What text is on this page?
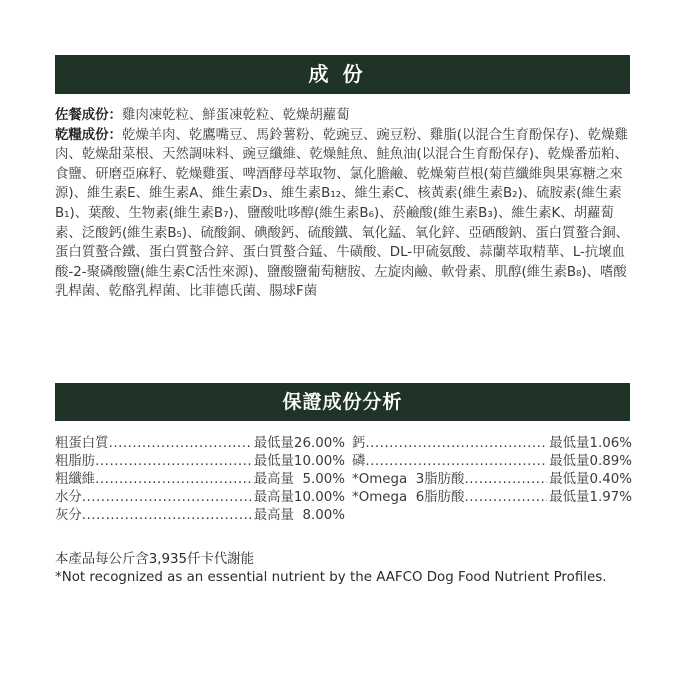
成份

佐餐成份：雞肉凍乾粒、鮮蛋凍乾粒、乾燥胡蘿蔔

乾糧成份：乾燥羊肉、乾鷹嘴豆、馬鈴薯粉、乾豌豆、豌豆粉、雞脂(以混合生育酚保存)、乾燥雞肉、乾燥甜菜根、天然調味料、豌豆纖維、乾燥鮭魚、鮭魚油(以混合生育酚保存)、乾燥番茄粕、食鹽、研磨亞麻籽、乾燥雞蛋、啤酒酵母萃取物、氯化膽鹼、乾燥菊苣根(菊苣纖維與果寡糖之來源)、維生素E、維生素A、維生素D₃、維生素B₁₂、維生素C、核黃素(維生素B₂)、硫胺素(維生素B₁)、葉酸、生物素(維生素B₇)、鹽酸吡哆醇(維生素B₆)、菸鹼酸(維生素B₃)、維生素K、胡蘿蔔素、泛酸鈣(維生素B₅)、硫酸銅、碘酸鈣、硫酸鐵、氧化錳、氧化鋅、亞硒酸鈉、蛋白質螯合銅、蛋白質螯合鐵、蛋白質螯合鋅、蛋白質螯合錳、牛磺酸、DL-甲硫氨酸、蒜蘭萃取精華、L-抗壞血酸-2-聚磷酸鹽(維生素C活性來源)、鹽酸鹽葡萄糖胺、左旋肉鹼、軟骨素、肌醇(維生素B₈)、嗜酸乳桿菌、乾酪乳桿菌、比菲德氏菌、腸球F菌

保證成份分析
粗蛋白質 .....	最低量26.00%
粗脂肪 .....	最低量10.00%
粗纖維 .....	最高量  5.00%
水分 .....	最高量10.00%
灰分 .....	最高量  8.00%
鈣 .....	最低量1.06%
磷 .....	最低量0.89%
*Omega  3脂肪酸 .....	最低量0.40%
*Omega  6脂肪酸 .....	最低量1.97%

本產品每公斤含3,935仟卡代謝能

*Not recognized as an essential nutrient by the AAFCO Dog Food Nutrient Profiles.
